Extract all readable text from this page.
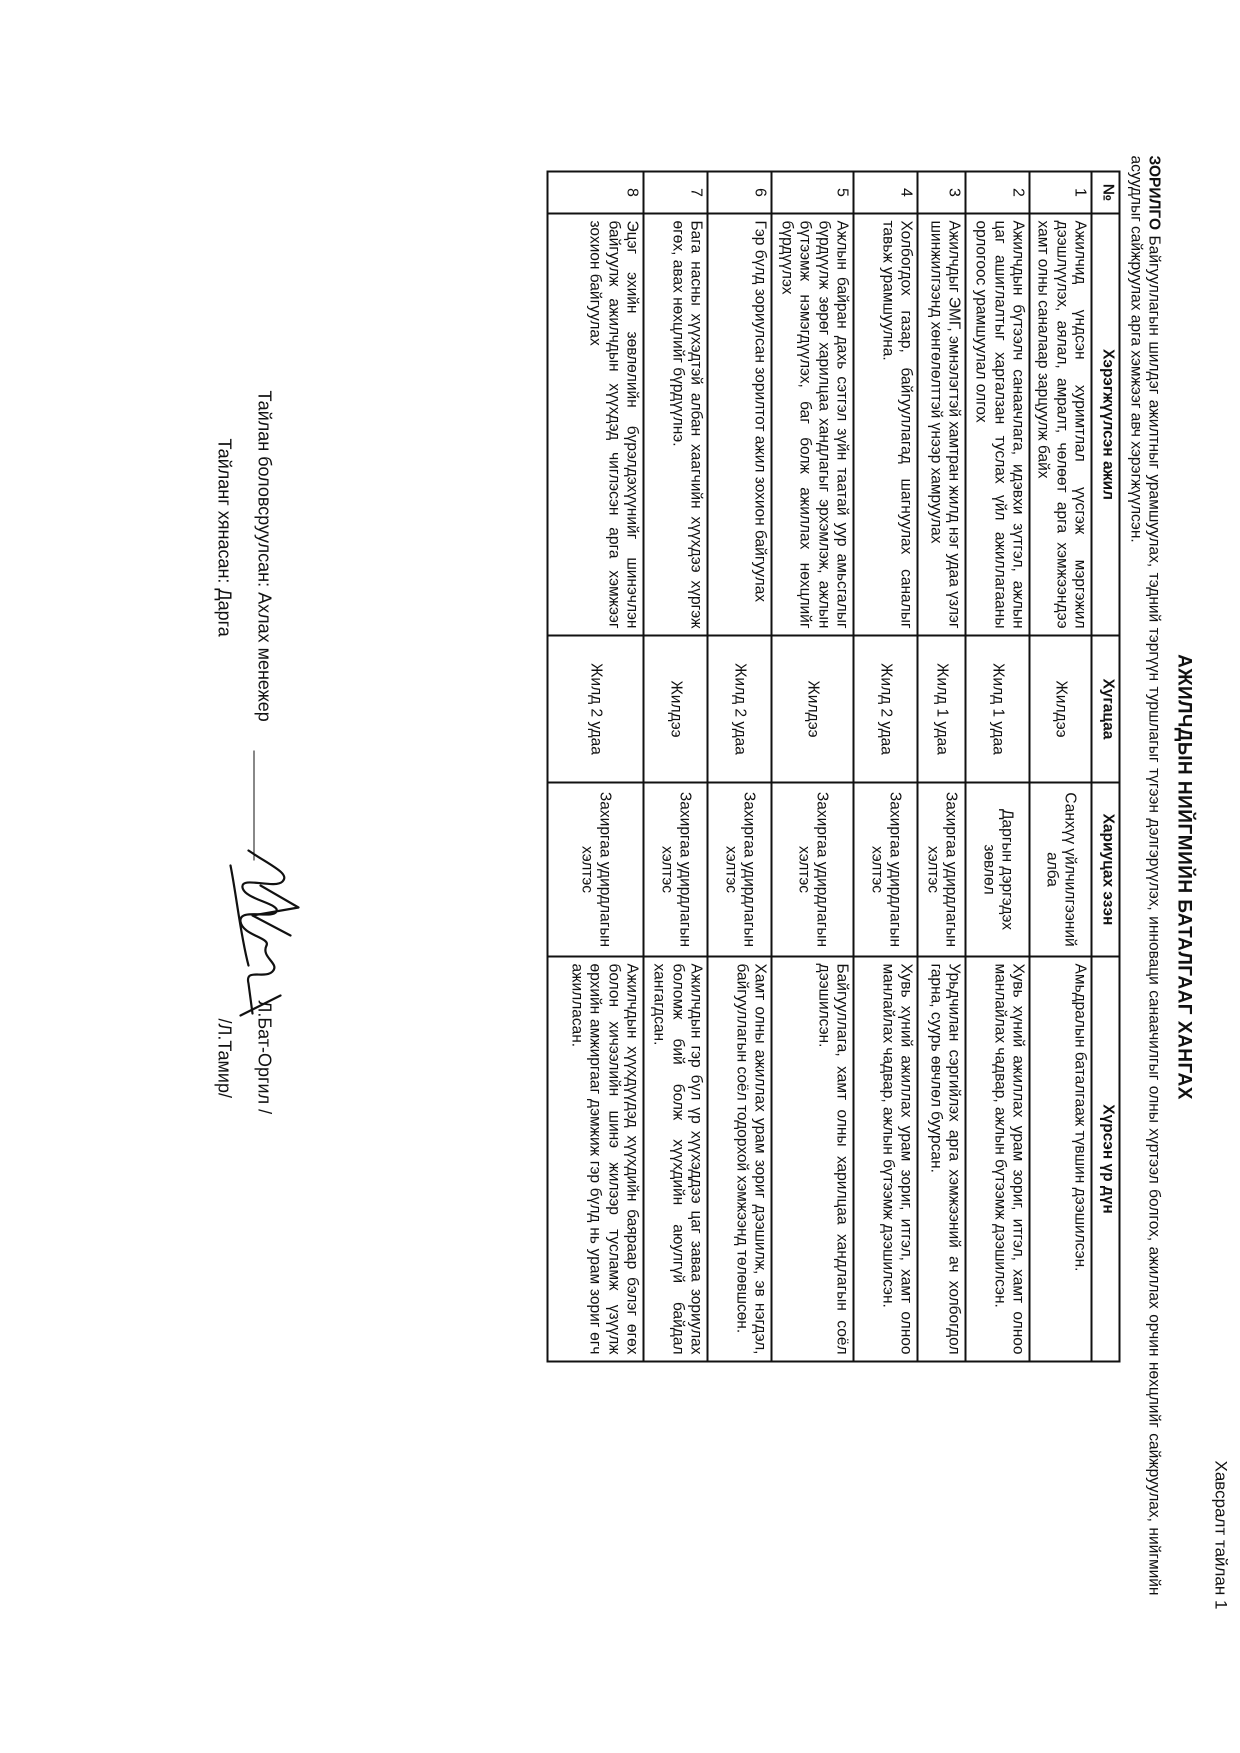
Хавсралт тайлан 1
АЖИЛЧДЫН НИЙГМИЙН БАТАЛГААГ ХАНГАХ
ЗОРИЛГО Байгууллагын шилдэг ажилтныг урамшуулах, тэдний тэргүүн туршлагыг түгээн дэлгэрүүлэх, инноваци санаачилгыг олны хүртээл болгох, ажиллах орчин нөхцлийг сайжруулах, нийгмийн асуудлыг сайжруулах арга хэмжээг авч хэрэгжүүлсэн.
№	Хэрэгжүүлсэн ажил	Хугацаа	Хариуцах эзэн	Хүрсэн үр дүн
1	Ажилчид үндсэн хуримтлал үүсгэж мэргэжил дээшлүүлэх, аялал, амралт, чөлөөт арга хэмжээндээ хамт олны саналаар зарцуулж байх	Жилдээ	Санхүү үйлчилгээний алба	Амьдралын баталгааж түвшин дээшилсэн.
2	Ажилчдын бүтээлч санаачлага, идэвхи зүтгэл, ажлын цаг ашиглалтыг харгалзан туслах үйл ажиллагааны орлогоос урамшуулал олгох	Жилд 1 удаа	Даргын дэргэдэх зөвлөл	Хувь хүний ажиллах урам зориг, итгэл, хамт олноо манлайлах чадвар, ажлын бүтээмж дээшилсэн.
3	Ажилчдыг ЭМГ, эмнэлэгтэй хамтран жилд нэг удаа үзлэг шинжилгээнд хөнгөлөлттэй үнээр хамруулах	Жилд 1 удаа	Захиргаа удирдлагын хэлтэс	Урьдчилан сэргийлэх арга хэмжээний ач холбогдол гарна, суурь өвчлөл буурсан.
4	Холбогдох газар, байгууллагад шагнуулах саналыг тавьж урамшуулна.	Жилд 2 удаа	Захиргаа удирдлагын хэлтэс	Хувь хүний ажиллах урам зориг, итгэл, хамт олноо манлайлах чадвар, ажлын бүтээмж дээшилсэн.
5	Ажлын байран дахь сэтгэл зүйн таатай уур амьсгалыг бүрдүүлж зөрөг харилцаа хандлагыг эрхэмлэж, ажлын бүтээмж нэмэгдүүлэх, баг болж ажиллах нөхцлийг бүрдүүлэх	Жилдээ	Захиргаа удирдлагын хэлтэс	Байгууллага, хамт олны харилцаа хандлагын соёл дээшилсэн.
6	Гэр бүлд зориулсан зорилтот ажил зохион байгуулах	Жилд 2 удаа	Захиргаа удирдлагын хэлтэс	Хамт олны ажиллах урам зориг дээшилж, эв нэгдэл, байгууллагын соёл тодорхой хэмжээнд төлөвшсөн.
7	Бага насны хүүхэдтэй албан хаагчийн хүүхдээ хүргэж өгөх, авах нөхцлийг бүрдүүлнэ.	Жилдээ	Захиргаа удирдлагын хэлтэс	Ажилчдын гэр бүл үр хүүхэддээ цаг заваа зориулах боломж бий болж хүүхдийн аюулгүй байдал хангагдсан.
8	Эцэг эхийн зөвлөлийн бүрэлдэхүүнийг шинэчлэн байгуулж ажилчдын хүүхдэд чиглэсэн арга хэмжээг зохион байгуулах	Жилд 2 удаа	Захиргаа удирдлагын хэлтэс	Ажилчдын хүүхдүүдэд хүүхдийн баяраар бэлэг өгөх болон хичээлийн шинэ жилээр тусламж үзүүлж өрхийн амжиргааг дэмжиж гэр бүлд нь урам зориг өгч ажилласан.
Тайлан боловсруулсан: Ахлах менежер
Л.Бат-Оргил /
Тайланг хянасан: Дарга
/Л.Тамир/
